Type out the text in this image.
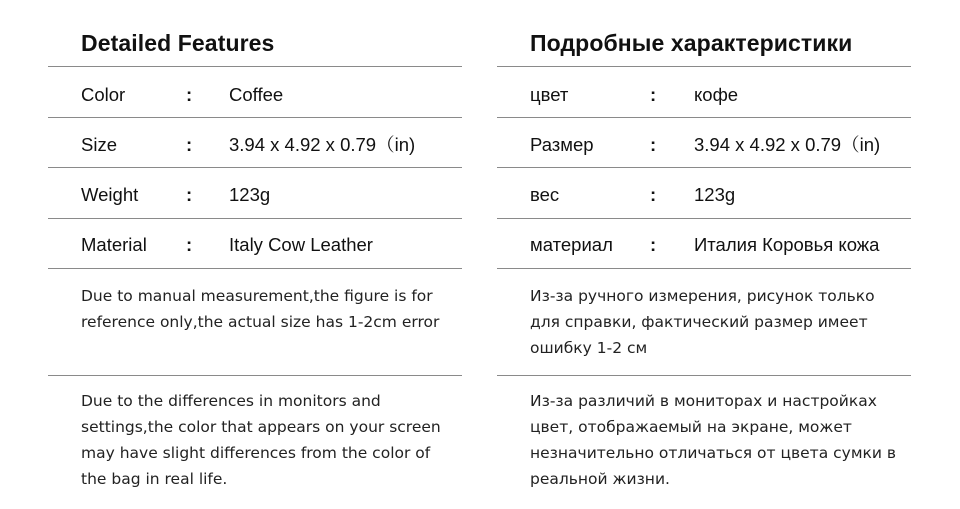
Detailed Features
Color	: Coffee
Size	: 3.94 x 4.92 x 0.79（in)
Weight	: 123g
Material : Italy Cow Leather
Due to manual measurement,the figure is for reference only,the actual size has 1-2cm error
Due to the differences in monitors and settings,the color that appears on your screen may have slight differences from the color of the bag in real life.
Подробные характеристики
цвет	: кофе
Размер	: 3.94 x 4.92 x 0.79（in)
вес	: 123g
материал : Италия Коровья кожа
Из-за ручного измерения, рисунок только для справки, фактический размер имеет ошибку 1-2 см
Из-за различий в мониторах и настройках цвет, отображаемый на экране, может незначительно отличаться от цвета сумки в реальной жизни.
